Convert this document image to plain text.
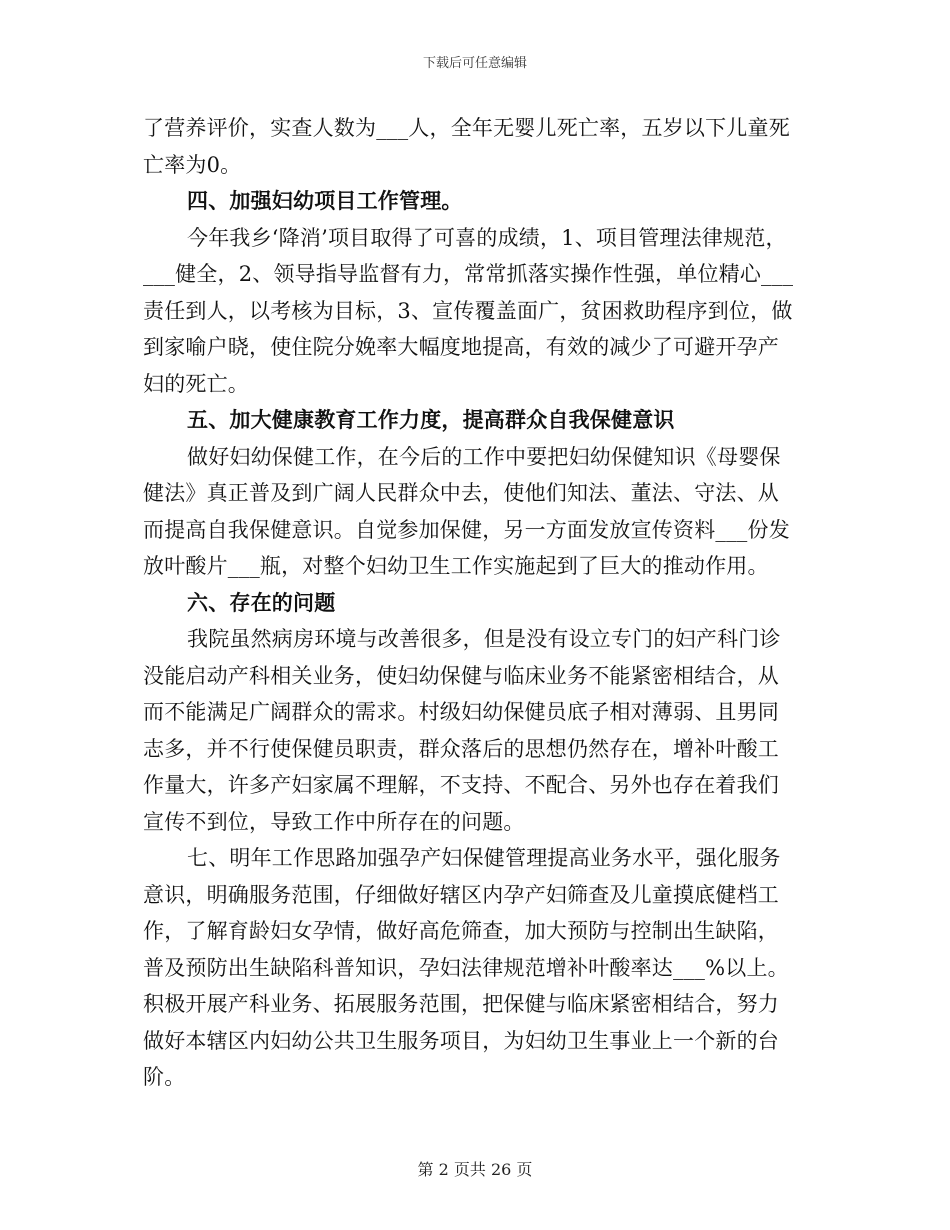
下载后可任意编辑
了营养评价，实查人数为___人，全年无婴儿死亡率，五岁以下儿童死
亡率为0。
四、加强妇幼项目工作管理。
今年我乡‘降消’项目取得了可喜的成绩，1、项目管理法律规范，
___健全，2、领导指导监督有力，常常抓落实操作性强，单位精心___
责任到人，以考核为目标，3、宣传覆盖面广，贫困救助程序到位，做
到家喻户晓，使住院分娩率大幅度地提高，有效的减少了可避开孕产
妇的死亡。
五、加大健康教育工作力度，提高群众自我保健意识
做好妇幼保健工作，在今后的工作中要把妇幼保健知识《母婴保
健法》真正普及到广阔人民群众中去，使他们知法、董法、守法、从
而提高自我保健意识。自觉参加保健，另一方面发放宣传资料___份发
放叶酸片___瓶，对整个妇幼卫生工作实施起到了巨大的推动作用。
六、存在的问题
我院虽然病房环境与改善很多，但是没有设立专门的妇产科门诊
没能启动产科相关业务，使妇幼保健与临床业务不能紧密相结合，从
而不能满足广阔群众的需求。村级妇幼保健员底子相对薄弱、且男同
志多，并不行使保健员职责，群众落后的思想仍然存在，增补叶酸工
作量大，许多产妇家属不理解，不支持、不配合、另外也存在着我们
宣传不到位，导致工作中所存在的问题。
七、明年工作思路加强孕产妇保健管理提高业务水平，强化服务
意识，明确服务范围，仔细做好辖区内孕产妇筛查及儿童摸底健档工
作，了解育龄妇女孕情，做好高危筛查，加大预防与控制出生缺陷，
普及预防出生缺陷科普知识，孕妇法律规范增补叶酸率达___%以上。
积极开展产科业务、拓展服务范围，把保健与临床紧密相结合，努力
做好本辖区内妇幼公共卫生服务项目，为妇幼卫生事业上一个新的台
阶。
第 2 页共 26 页
